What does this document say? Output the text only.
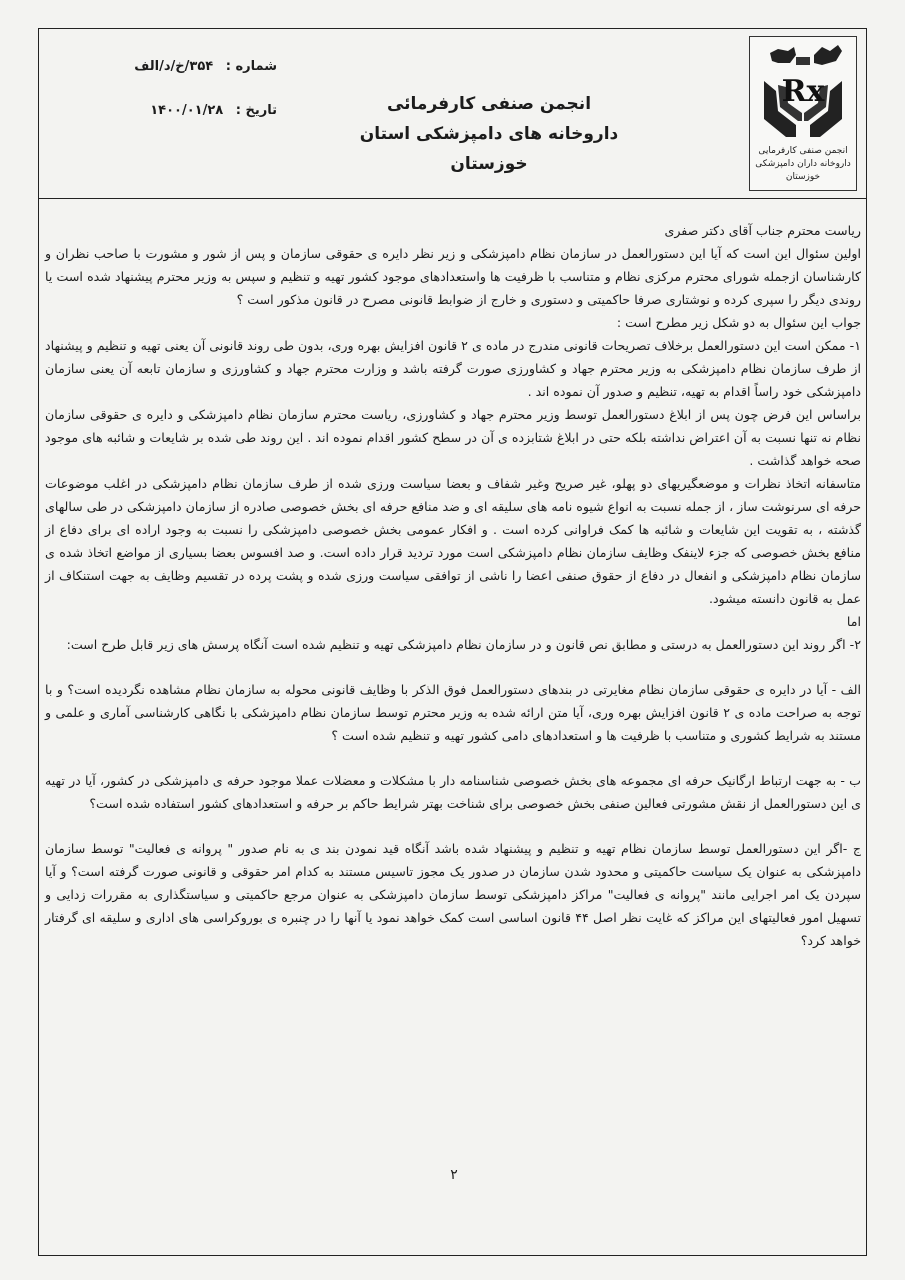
Rx
انجمن صنفی کارفرمایی
داروخانه داران دامپزشکی
خوزستان
انجمن صنفی کارفرمائی
داروخانه های دامپزشکی استان خوزستان
شماره : ۳۵۴/خ/د/الف
تاریخ : ۱۴۰۰/۰۱/۲۸

ریاست محترم جناب آقای دکتر صفری

اولین سئوال این است که آیا این دستورالعمل در سازمان نظام دامپزشکی و زیر نظر دایره ی حقوقی سازمان و پس از شور و مشورت با صاحب نظران و کارشناسان ازجمله شورای محترم مرکزی نظام و متناسب با ظرفیت ها واستعدادهای موجود کشور تهیه و تنظیم و سپس به وزیر محترم پیشنهاد شده است یا روندی دیگر را سپری کرده و نوشتاری صرفا حاکمیتی و دستوری و خارج از ضوابط قانونی مصرح در قانون مذکور است ؟

جواب این سئوال به دو شکل زیر مطرح است :

۱- ممکن است این دستورالعمل برخلاف تصریحات قانونی مندرج در ماده ی ۲ قانون افزایش بهره وری، بدون طی روند قانونی آن یعنی تهیه و تنظیم و پیشنهاد از طرف سازمان نظام دامپزشکی به وزیر محترم جهاد و کشاورزی صورت گرفته باشد و وزارت محترم جهاد و کشاورزی و سازمان تابعه آن یعنی سازمان دامپزشکی خود راساً اقدام به تهیه، تنظیم و صدور آن نموده اند .

براساس این فرض چون پس از ابلاغ دستورالعمل توسط وزیر محترم جهاد و کشاورزی، ریاست محترم سازمان نظام دامپزشکی و دایره ی حقوقی سازمان نظام نه تنها نسبت به آن اعتراض نداشته بلکه حتی در ابلاغ شتابزده ی آن در سطح کشور اقدام نموده اند . این روند طی شده بر شایعات و شائبه های موجود صحه خواهد گذاشت .

متاسفانه اتخاذ نظرات و موضعگیریهای دو پهلو، غیر صریح وغیر شفاف و بعضا سیاست ورزی شده از طرف سازمان نظام دامپزشکی در اغلب موضوعات حرفه ای سرنوشت ساز ، از جمله نسبت به انواع شیوه نامه های سلیقه ای و ضد منافع حرفه ای بخش خصوصی صادره از سازمان دامپزشکی در طی سالهای گذشته ، به تقویت این شایعات و شائبه ها کمک فراوانی کرده است . و افکار عمومی بخش خصوصی دامپزشکی را نسبت به وجود اراده ای برای دفاع از منافع بخش خصوصی که جزء لاینفک وظایف سازمان نظام دامپزشکی است مورد تردید قرار داده است. و صد افسوس بعضا بسیاری از مواضع اتخاذ شده ی سازمان نظام دامپزشکی و انفعال در دفاع از حقوق صنفی اعضا را ناشی از توافقی سیاست ورزی شده و پشت پرده در تقسیم وظایف به جهت استنکاف از عمل به قانون دانسته میشود.

اما

۲- اگر روند این دستورالعمل به درستی و مطابق نص قانون و در سازمان نظام دامپزشکی تهیه و تنظیم شده است آنگاه پرسش های زیر قابل طرح است:

الف - آیا در دایره ی حقوقی سازمان نظام مغایرتی در بندهای دستورالعمل فوق الذکر با وظایف قانونی محوله به سازمان نظام مشاهده نگردیده است؟ و با توجه به صراحت ماده ی ۲ قانون افزایش بهره وری، آیا متن ارائه شده به وزیر محترم توسط سازمان نظام دامپزشکی با نگاهی کارشناسی آماری و علمی و مستند به شرایط کشوری و متناسب با ظرفیت ها و استعدادهای دامی کشور تهیه و تنظیم شده است ؟

ب - به جهت ارتباط ارگانیک حرفه ای مجموعه های بخش خصوصی شناسنامه دار با مشکلات و معضلات عملا موجود حرفه ی دامپزشکی در کشور، آیا در تهیه ی این دستورالعمل از نقش مشورتی فعالین صنفی بخش خصوصی برای شناخت بهتر شرایط حاکم بر حرفه و استعدادهای کشور استفاده شده است؟

ج -اگر این دستورالعمل توسط سازمان نظام تهیه و تنظیم و پیشنهاد شده باشد آنگاه قید نمودن بند ی به نام صدور " پروانه ی فعالیت" توسط سازمان دامپزشکی به عنوان یک سیاست حاکمیتی و محدود شدن سازمان در صدور یک مجوز تاسیس مستند به کدام امر حقوقی و قانونی صورت گرفته است؟ و آیا سپردن یک امر اجرایی مانند "پروانه ی فعالیت" مراکز دامپزشکی توسط سازمان دامپزشکی به عنوان مرجع حاکمیتی و سیاستگذاری به مقررات زدایی و تسهیل امور فعالیتهای این مراکز که غایت نظر اصل ۴۴ قانون اساسی است کمک خواهد نمود یا آنها را در چنبره ی بوروکراسی های اداری و سلیقه ای گرفتار خواهد کرد؟

۲
